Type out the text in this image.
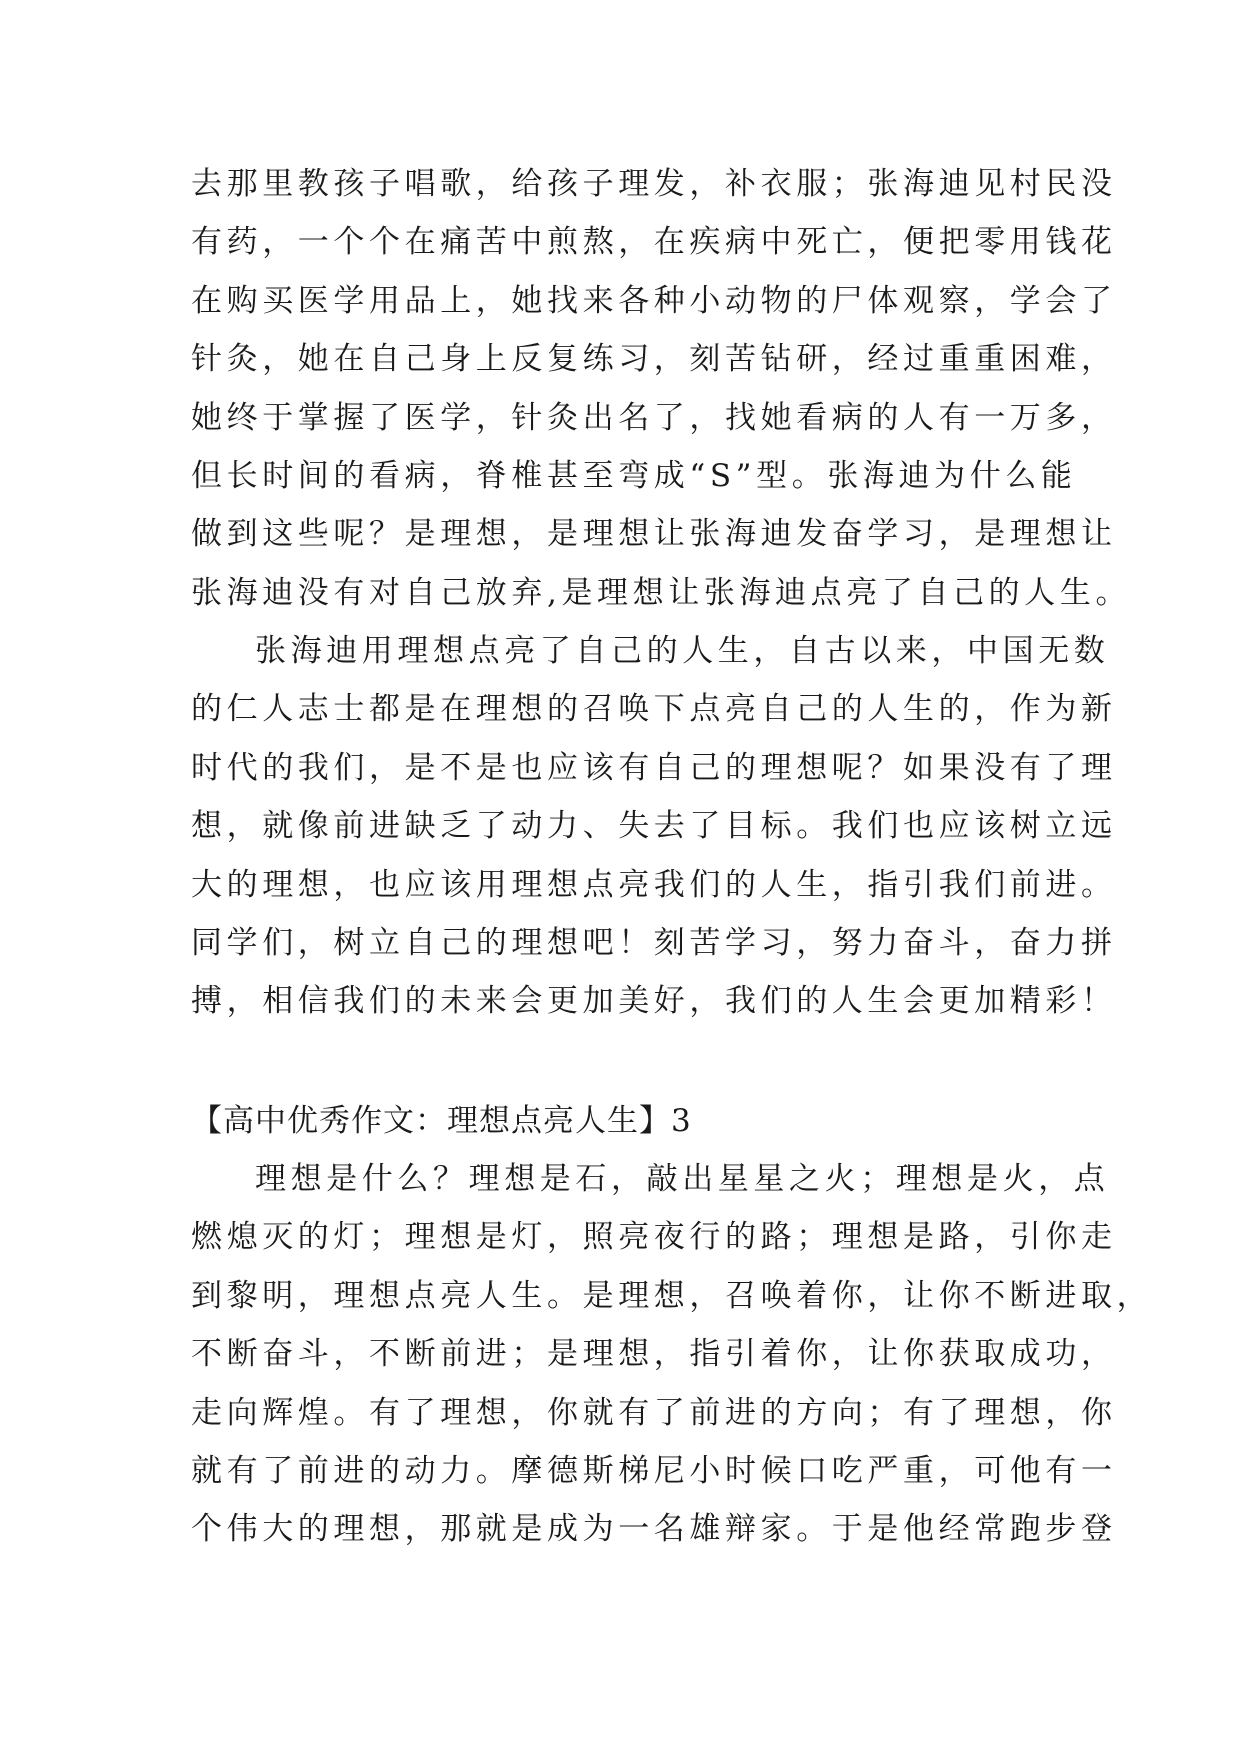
去那里教孩子唱歌，给孩子理发，补衣服；张海迪见村民没
有药，一个个在痛苦中煎熬，在疾病中死亡，便把零用钱花
在购买医学用品上，她找来各种小动物的尸体观察，学会了
针灸，她在自己身上反复练习，刻苦钻研，经过重重困难，
她终于掌握了医学，针灸出名了，找她看病的人有一万多，
但长时间的看病，脊椎甚至弯成“S”型。张海迪为什么能
做到这些呢？是理想，是理想让张海迪发奋学习，是理想让
张海迪没有对自己放弃,是理想让张海迪点亮了自己的人生。
张海迪用理想点亮了自己的人生，自古以来，中国无数
的仁人志士都是在理想的召唤下点亮自己的人生的，作为新
时代的我们，是不是也应该有自己的理想呢？如果没有了理
想，就像前进缺乏了动力、失去了目标。我们也应该树立远
大的理想，也应该用理想点亮我们的人生，指引我们前进。
同学们，树立自己的理想吧！刻苦学习，努力奋斗，奋力拼
搏，相信我们的未来会更加美好，我们的人生会更加精彩！
【高中优秀作文：理想点亮人生】3
理想是什么？理想是石，敲出星星之火；理想是火，点
燃熄灭的灯；理想是灯，照亮夜行的路；理想是路，引你走
到黎明，理想点亮人生。是理想，召唤着你，让你不断进取，
不断奋斗，不断前进；是理想，指引着你，让你获取成功，
走向辉煌。有了理想，你就有了前进的方向；有了理想，你
就有了前进的动力。摩德斯梯尼小时候口吃严重，可他有一
个伟大的理想，那就是成为一名雄辩家。于是他经常跑步登
